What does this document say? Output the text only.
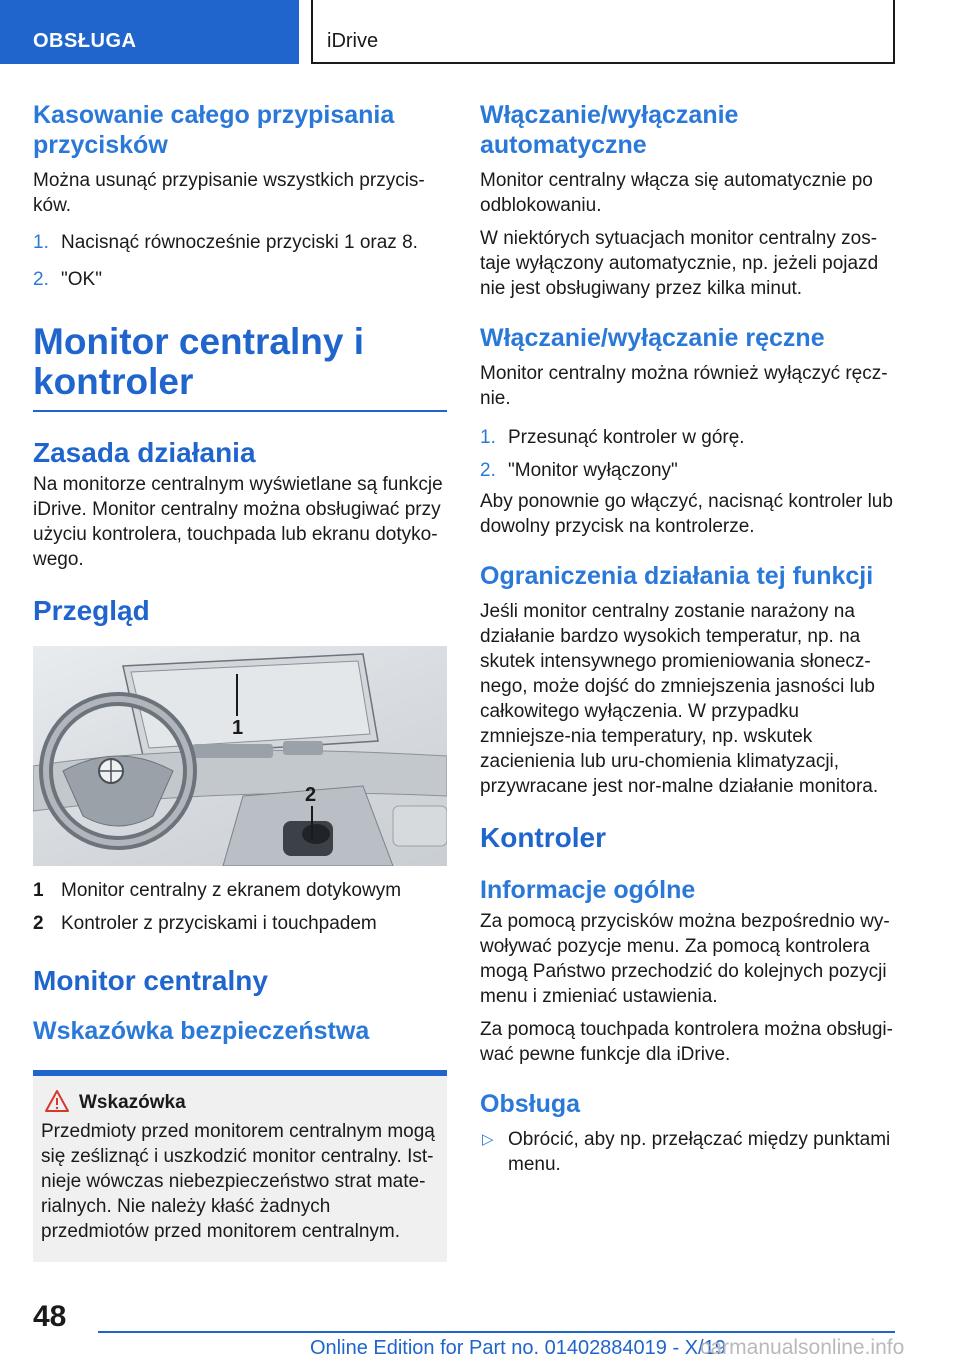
OBSŁUGA	iDrive
Kasowanie całego przypisania przycisków

Można usunąć przypisanie wszystkich przycis‐ków.

1. Nacisnąć równocześnie przyciski 1 oraz 8.
2. "OK"
Monitor centralny i kontroler
Zasada działania

Na monitorze centralnym wyświetlane są funkcje iDrive. Monitor centralny można obsługiwać przy użyciu kontrolera, touchpada lub ekranu dotyko‐wego.

Przegląd
1
2
1 Monitor centralny z ekranem dotykowym
2 Kontroler z przyciskami i touchpadem
Monitor centralny
Wskazówka bezpieczeństwa
Wskazówka

Przedmioty przed monitorem centralnym mogą się ześliznąć i uszkodzić monitor centralny. Ist‐nieje wówczas niebezpieczeństwo strat mate‐rialnych. Nie należy kłaść żadnych przedmiotów przed monitorem centralnym.

Włączanie/wyłączanie automatyczne

Monitor centralny włącza się automatycznie po odblokowaniu.

W niektórych sytuacjach monitor centralny zos‐taje wyłączony automatycznie, np. jeżeli pojazd nie jest obsługiwany przez kilka minut.

Włączanie/wyłączanie ręczne

Monitor centralny można również wyłączyć ręcz‐nie.

1. Przesunąć kontroler w górę.
2. "Monitor wyłączony"

Aby ponownie go włączyć, nacisnąć kontroler lub dowolny przycisk na kontrolerze.

Ograniczenia działania tej funkcji

Jeśli monitor centralny zostanie narażony na działanie bardzo wysokich temperatur, np. na skutek intensywnego promieniowania słonecz‐nego, może dojść do zmniejszenia jasności lub całkowitego wyłączenia. W przypadku zmniejsze‐nia temperatury, np. wskutek zacienienia lub uru‐chomienia klimatyzacji, przywracane jest nor‐malne działanie monitora.

Kontroler
Informacje ogólne

Za pomocą przycisków można bezpośrednio wy‐woływać pozycje menu. Za pomocą kontrolera mogą Państwo przechodzić do kolejnych pozycji menu i zmieniać ustawienia.

Za pomocą touchpada kontrolera można obsługi‐wać pewne funkcje dla iDrive.

Obsługa
▷ Obrócić, aby np. przełączać między punktami menu.
48
Online Edition for Part no. 01402884019 - X/19
carmanualsonline.info
